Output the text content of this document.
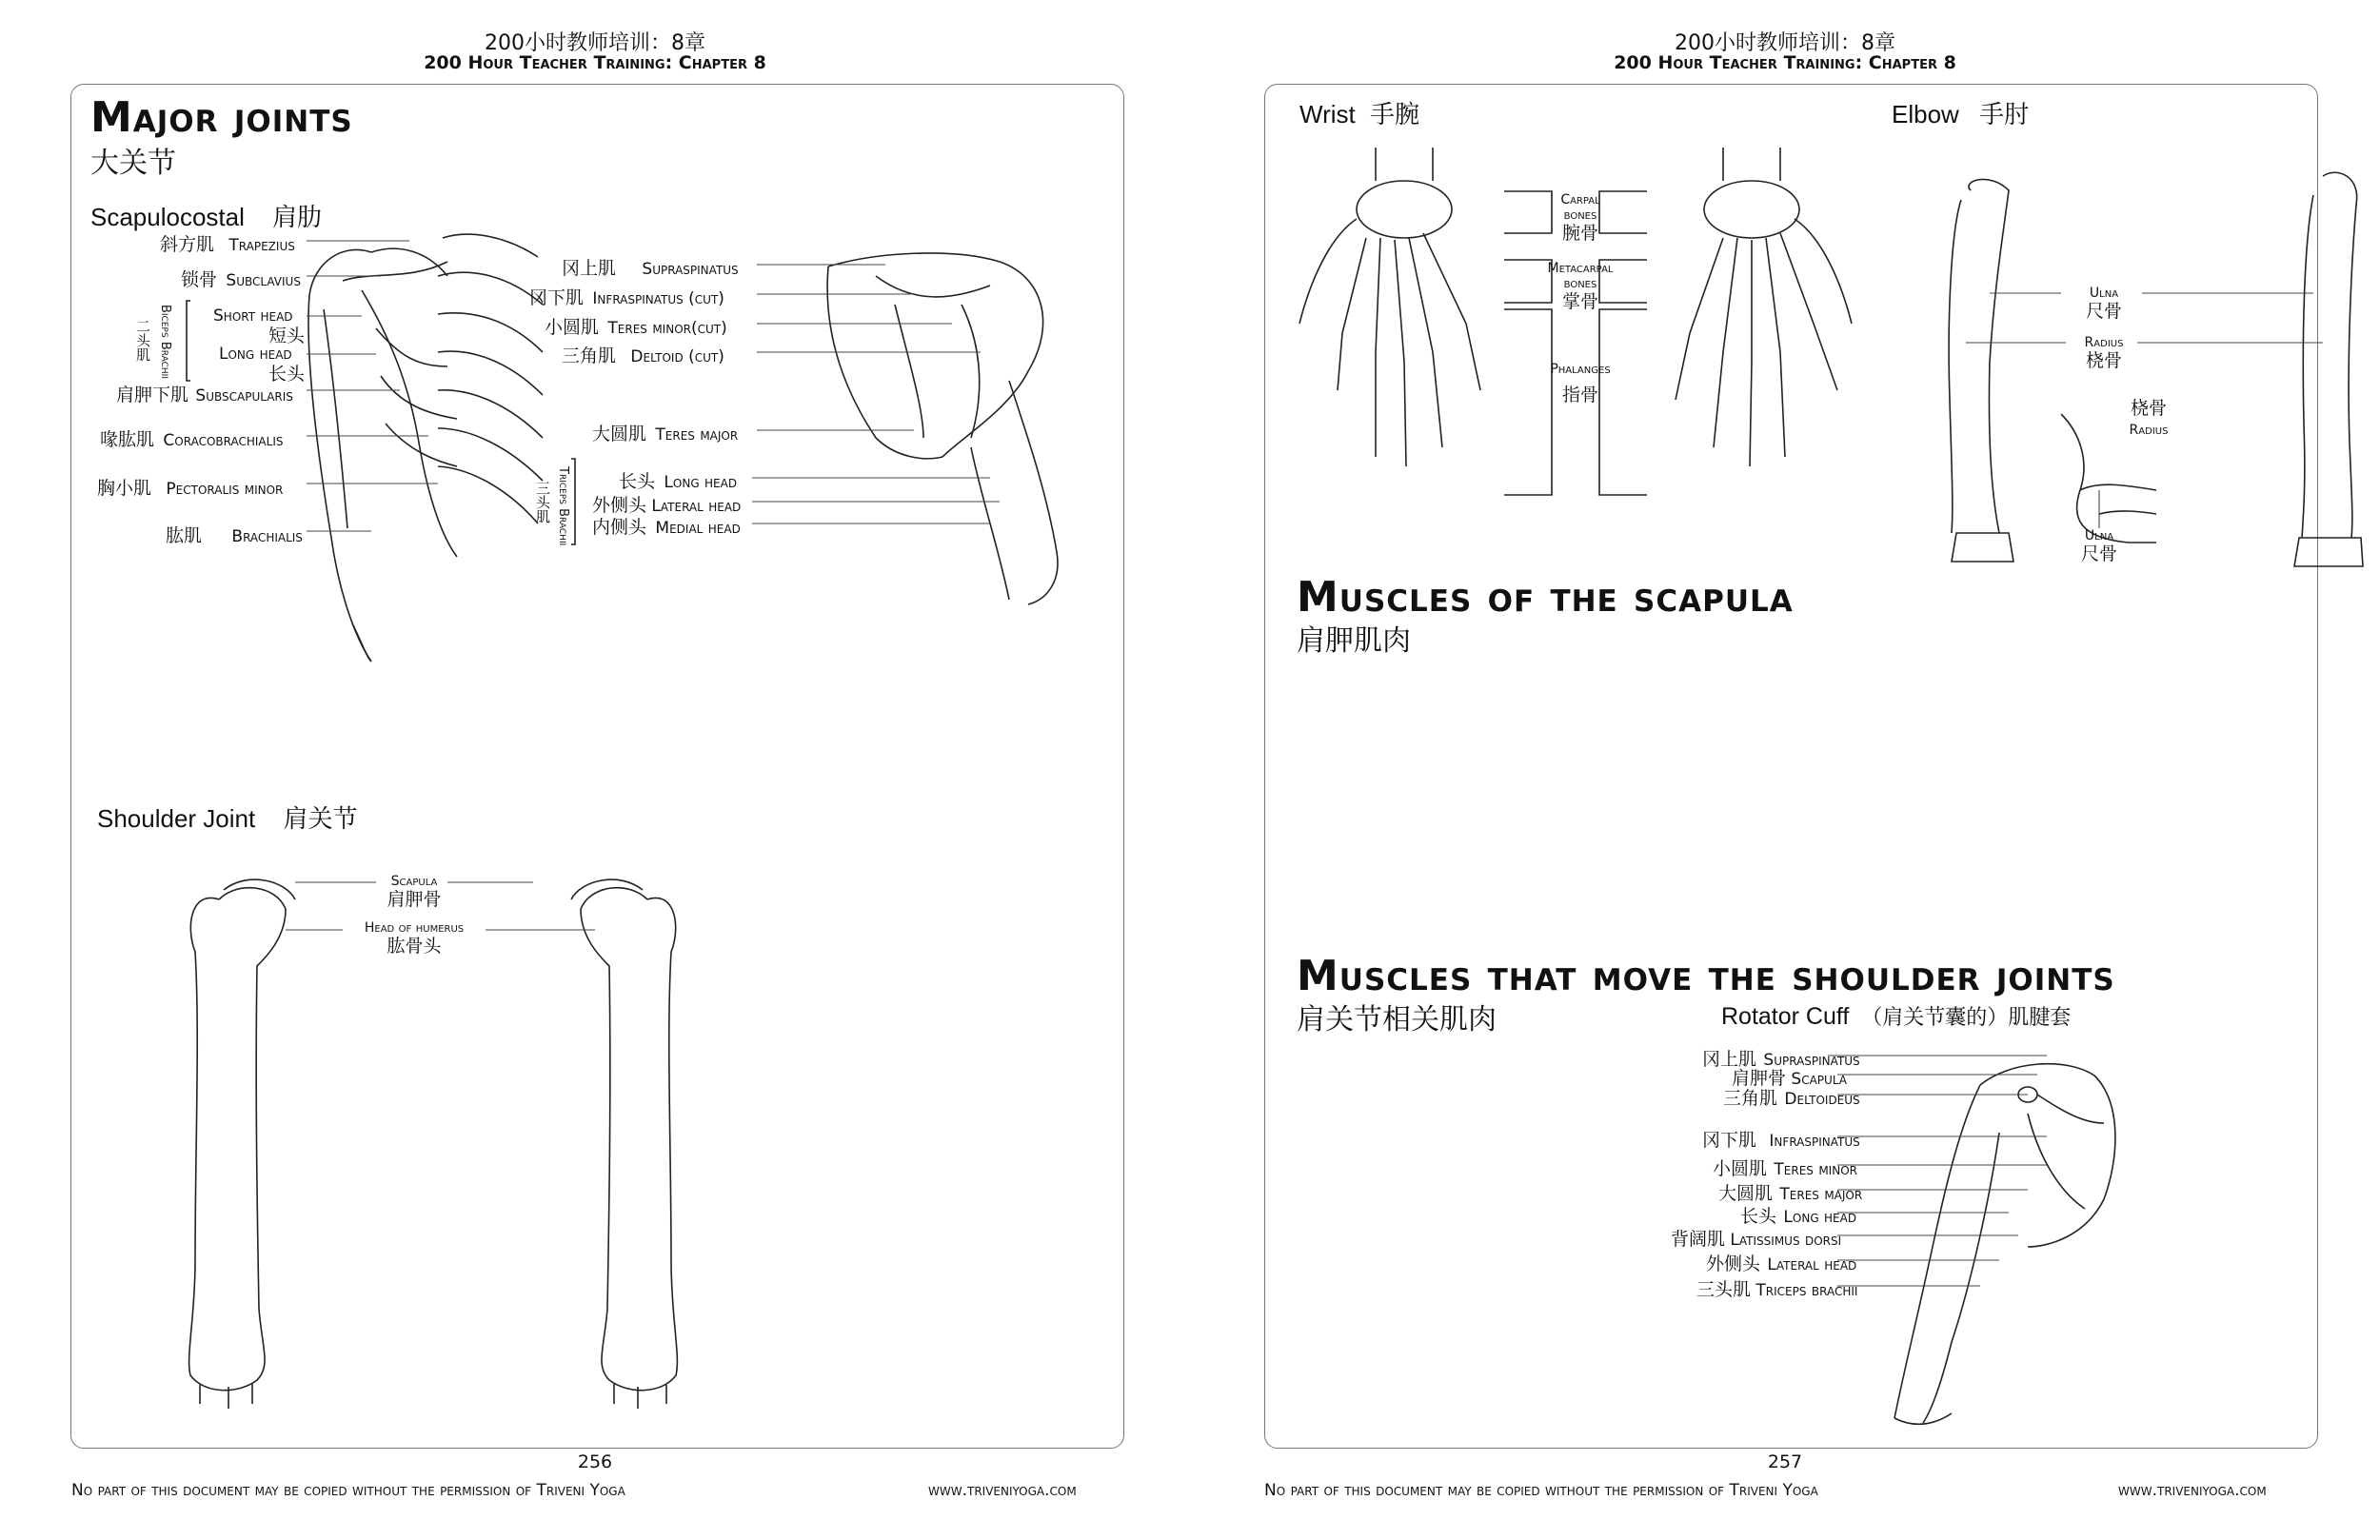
200小时教师培训：8章
200 Hour Teacher Training: Chapter 8
Major joints
大关节
Scapulocostal 肩肋
斜方肌 Trapezius
锁骨 Subclavius
二头肌 Biceps Brachii	Short head
短头
Long head
长头
肩胛下肌 Subscapularis
喙肱肌 Coracobrachialis
胸小肌 Pectoralis minor
肱肌 Brachialis
冈上肌 Supraspinatus
冈下肌 Infraspinatus (cut)
小圆肌 Teres minor(cut)
三角肌 Deltoid (cut)
大圆肌 Teres major
三头肌 Triceps Brachii	长头 Long head
外侧头 Lateral head
内侧头 Medial head
Shoulder Joint 肩关节
Scapula
肩胛骨
Head of humerus
肱骨头
256
No part of this document may be copied without the permission of Triveni Yoga	www.triveniyoga.com
200小时教师培训：8章
200 Hour Teacher Training: Chapter 8
Wrist 手腕
Carpal bones
腕骨
Metacarpal bones
掌骨
Phalanges
指骨
Elbow 手肘
Ulna
尺骨
Radius
桡骨
桡骨
Radius
Ulna
尺骨
Muscles of the scapula
肩胛肌肉
Muscles that move the shoulder joints
肩关节相关肌肉	Rotator Cuff （肩关节囊的）肌腱套
冈上肌 Supraspinatus
肩胛骨 Scapula
三角肌 Deltoideus
冈下肌 Infraspinatus
小圆肌 Teres minor
大圆肌 Teres major
长头 Long head
背阔肌 Latissimus dorsi
外侧头 Lateral head
三头肌 Triceps brachii
257
No part of this document may be copied without the permission of Triveni Yoga	www.triveniyoga.com
